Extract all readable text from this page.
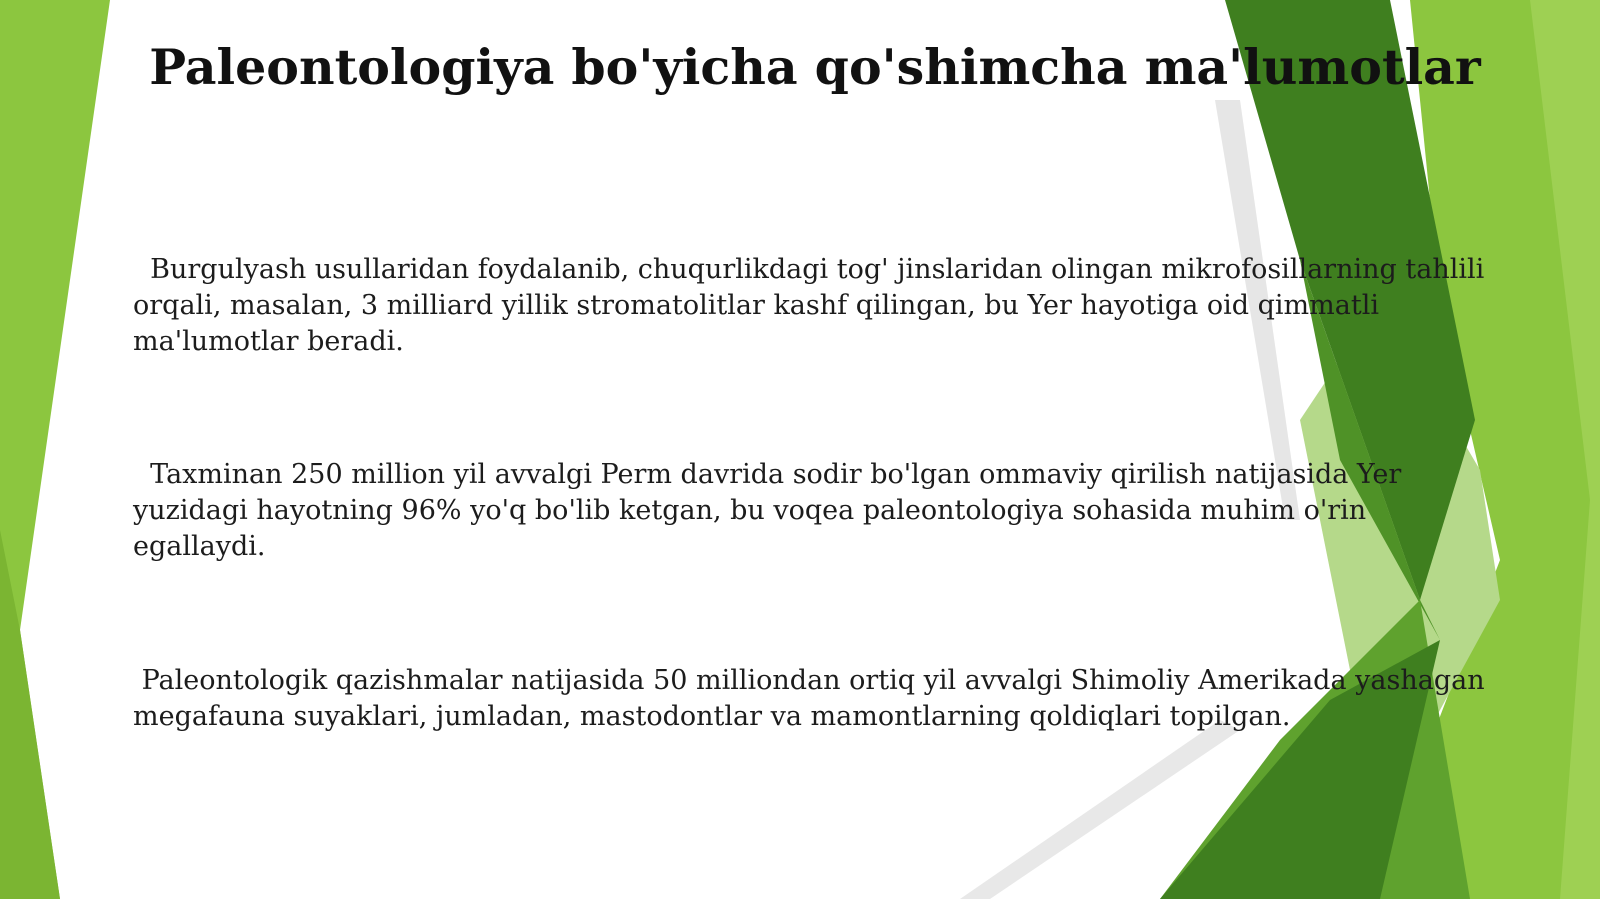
Paleontologiya bo'yicha qo'shimcha ma'lumotlar

Burgulyash usullaridan foydalanib, chuqurlikdagi tog' jinslaridan olingan mikrofosillarning tahlili orqali, masalan, 3 milliard yillik stromatolitlar kashf qilingan, bu Yer hayotiga oid qimmatli ma'lumotlar beradi.

Taxminan 250 million yil avvalgi Perm davrida sodir bo'lgan ommaviy qirilish natijasida Yer yuzidagi hayotning 96% yo'q bo'lib ketgan, bu voqea paleontologiya sohasida muhim o'rin egallaydi.

Paleontologik qazishmalar natijasida 50 milliondan ortiq yil avvalgi Shimoliy Amerikada yashagan megafauna suyaklari, jumladan, mastodontlar va mamontlarning qoldiqlari topilgan.
